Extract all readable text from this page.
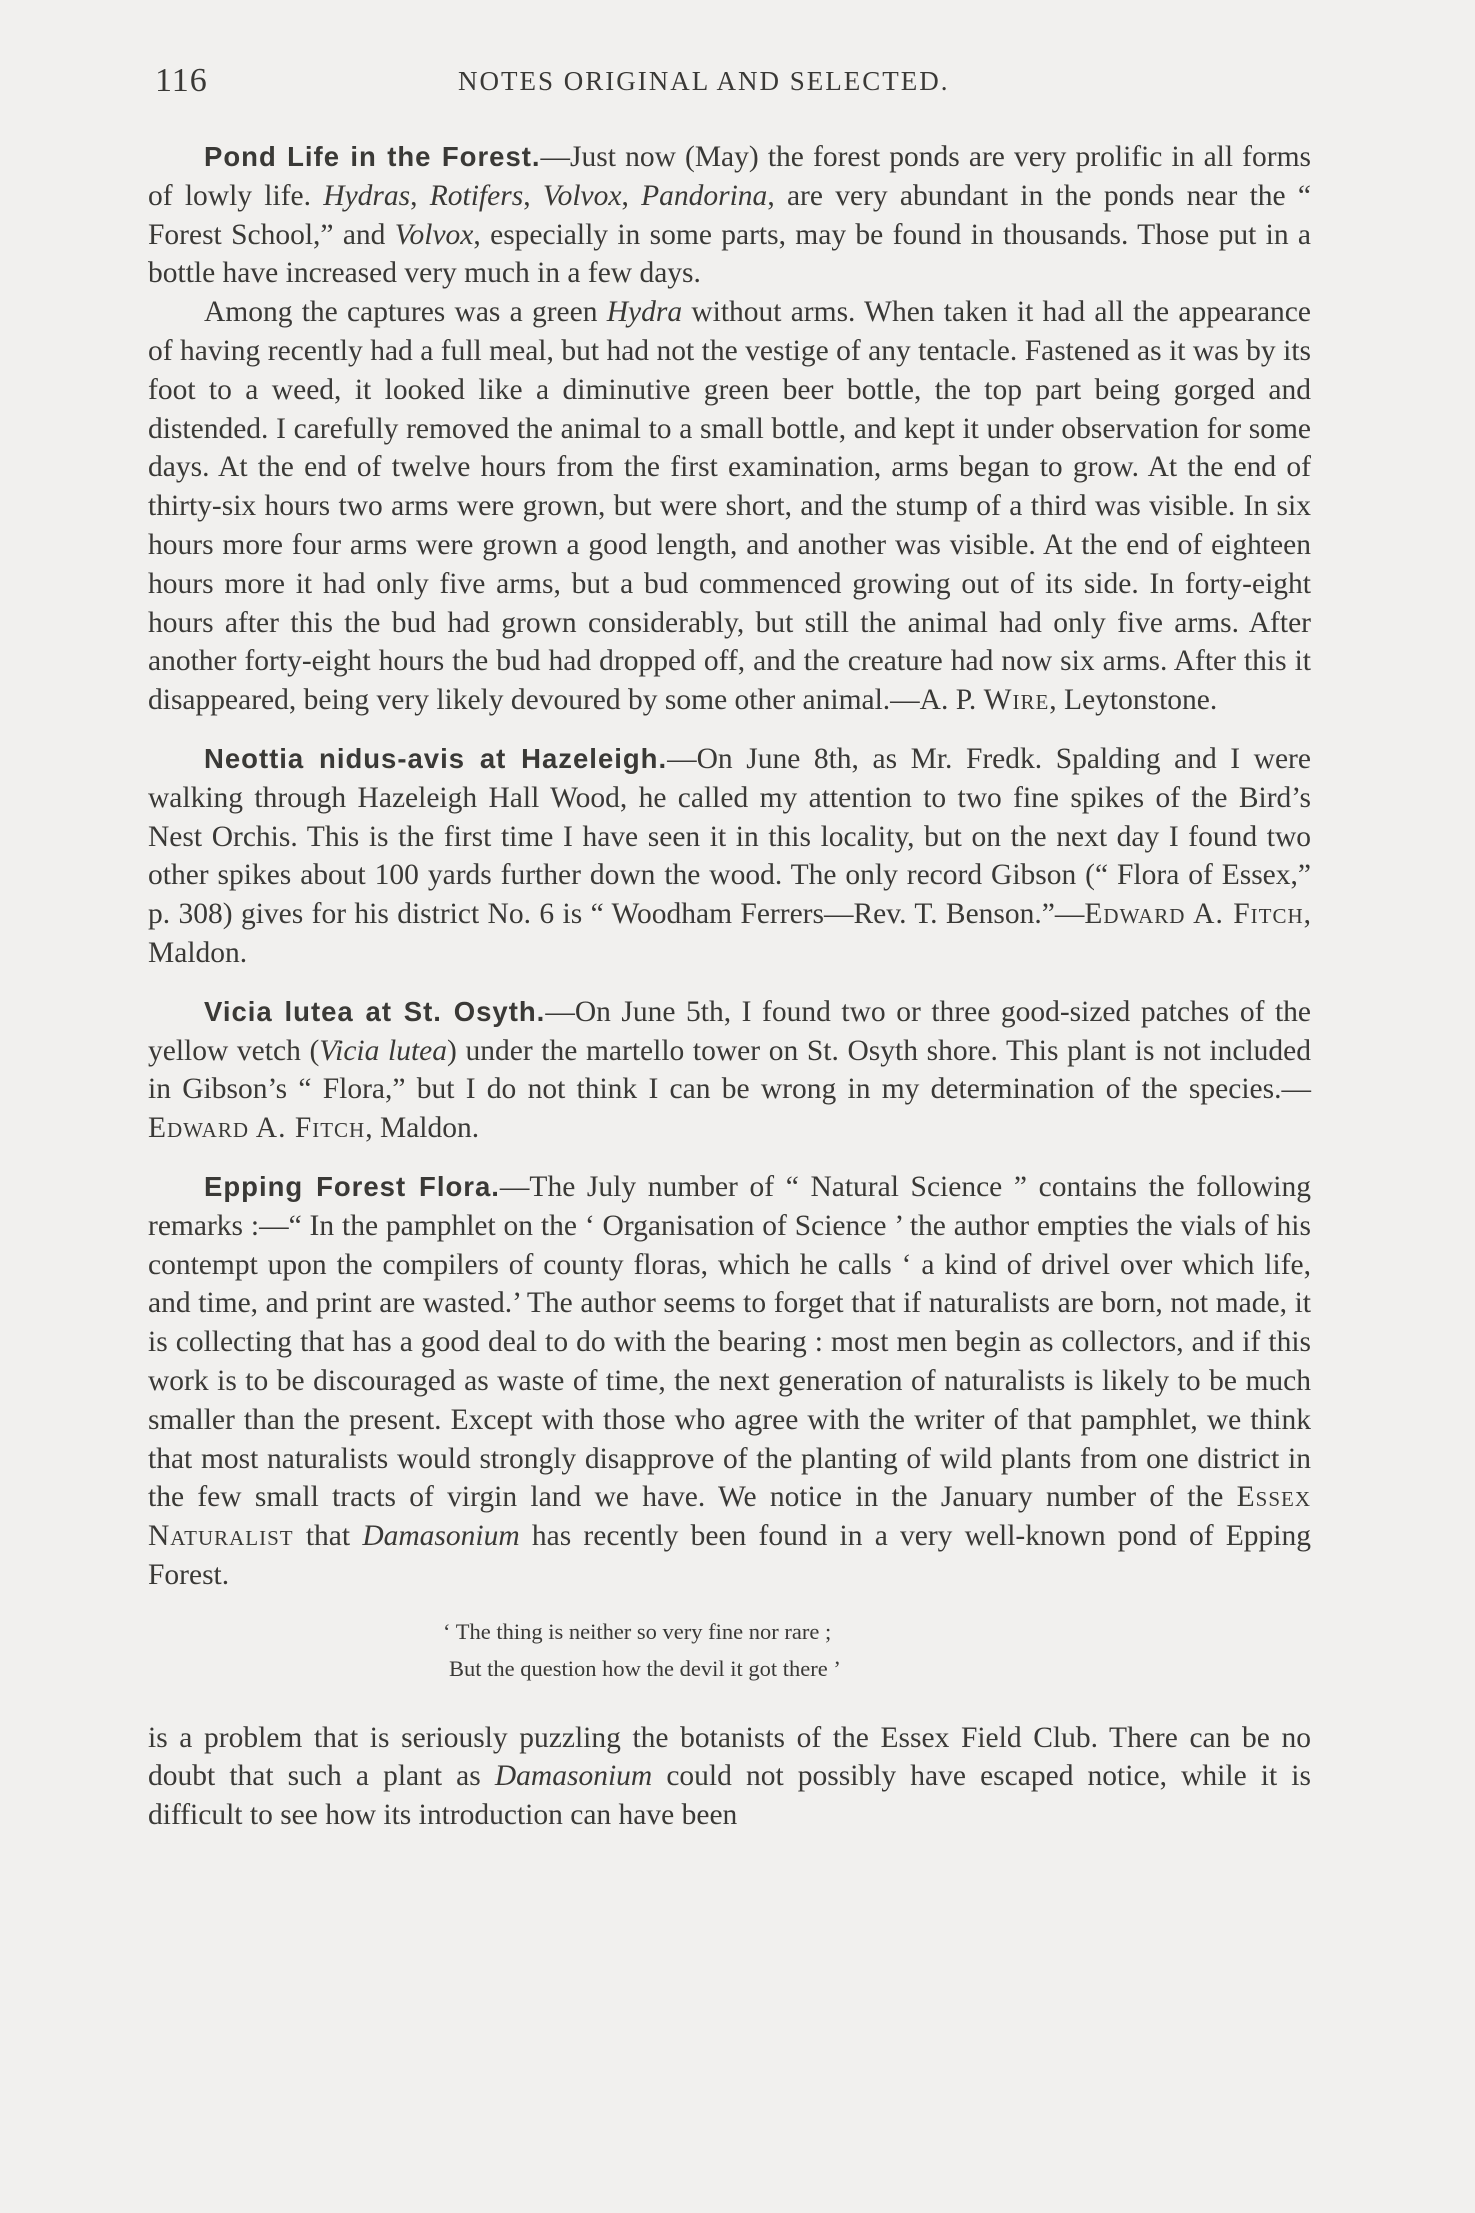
116	NOTES ORIGINAL AND SELECTED.

Pond Life in the Forest.—Just now (May) the forest ponds are very prolific in all forms of lowly life. Hydras, Rotifers, Volvox, Pandorina, are very abundant in the ponds near the “ Forest School,” and Volvox, especially in some parts, may be found in thousands. Those put in a bottle have increased very much in a few days.

Among the captures was a green Hydra without arms. When taken it had all the appearance of having recently had a full meal, but had not the vestige of any tentacle. Fastened as it was by its foot to a weed, it looked like a diminutive green beer bottle, the top part being gorged and distended. I carefully removed the animal to a small bottle, and kept it under observation for some days. At the end of twelve hours from the first examination, arms began to grow. At the end of thirty-six hours two arms were grown, but were short, and the stump of a third was visible. In six hours more four arms were grown a good length, and another was visible. At the end of eighteen hours more it had only five arms, but a bud commenced growing out of its side. In forty-eight hours after this the bud had grown considerably, but still the animal had only five arms. After another forty-eight hours the bud had dropped off, and the creature had now six arms. After this it disappeared, being very likely devoured by some other animal.—A. P. Wire, Leytonstone.

Neottia nidus-avis at Hazeleigh.—On June 8th, as Mr. Fredk. Spalding and I were walking through Hazeleigh Hall Wood, he called my attention to two fine spikes of the Bird’s Nest Orchis. This is the first time I have seen it in this locality, but on the next day I found two other spikes about 100 yards further down the wood. The only record Gibson (“ Flora of Essex,” p. 308) gives for his district No. 6 is “ Woodham Ferrers—Rev. T. Benson.”—Edward A. Fitch, Maldon.

Vicia lutea at St. Osyth.—On June 5th, I found two or three good-sized patches of the yellow vetch (Vicia lutea) under the martello tower on St. Osyth shore. This plant is not included in Gibson’s “ Flora,” but I do not think I can be wrong in my determination of the species.—Edward A. Fitch, Maldon.

Epping Forest Flora.—The July number of “ Natural Science ” contains the following remarks :—“ In the pamphlet on the ‘ Organisation of Science ’ the author empties the vials of his contempt upon the compilers of county floras, which he calls ‘ a kind of drivel over which life, and time, and print are wasted.’ The author seems to forget that if naturalists are born, not made, it is collecting that has a good deal to do with the bearing : most men begin as collectors, and if this work is to be discouraged as waste of time, the next generation of naturalists is likely to be much smaller than the present. Except with those who agree with the writer of that pamphlet, we think that most naturalists would strongly disapprove of the planting of wild plants from one district in the few small tracts of virgin land we have. We notice in the January number of the Essex Naturalist that Damasonium has recently been found in a very well-known pond of Epping Forest.

‘ The thing is neither so very fine nor rare ;
But the question how the devil it got there ’

is a problem that is seriously puzzling the botanists of the Essex Field Club. There can be no doubt that such a plant as Damasonium could not possibly have escaped notice, while it is difficult to see how its introduction can have been
